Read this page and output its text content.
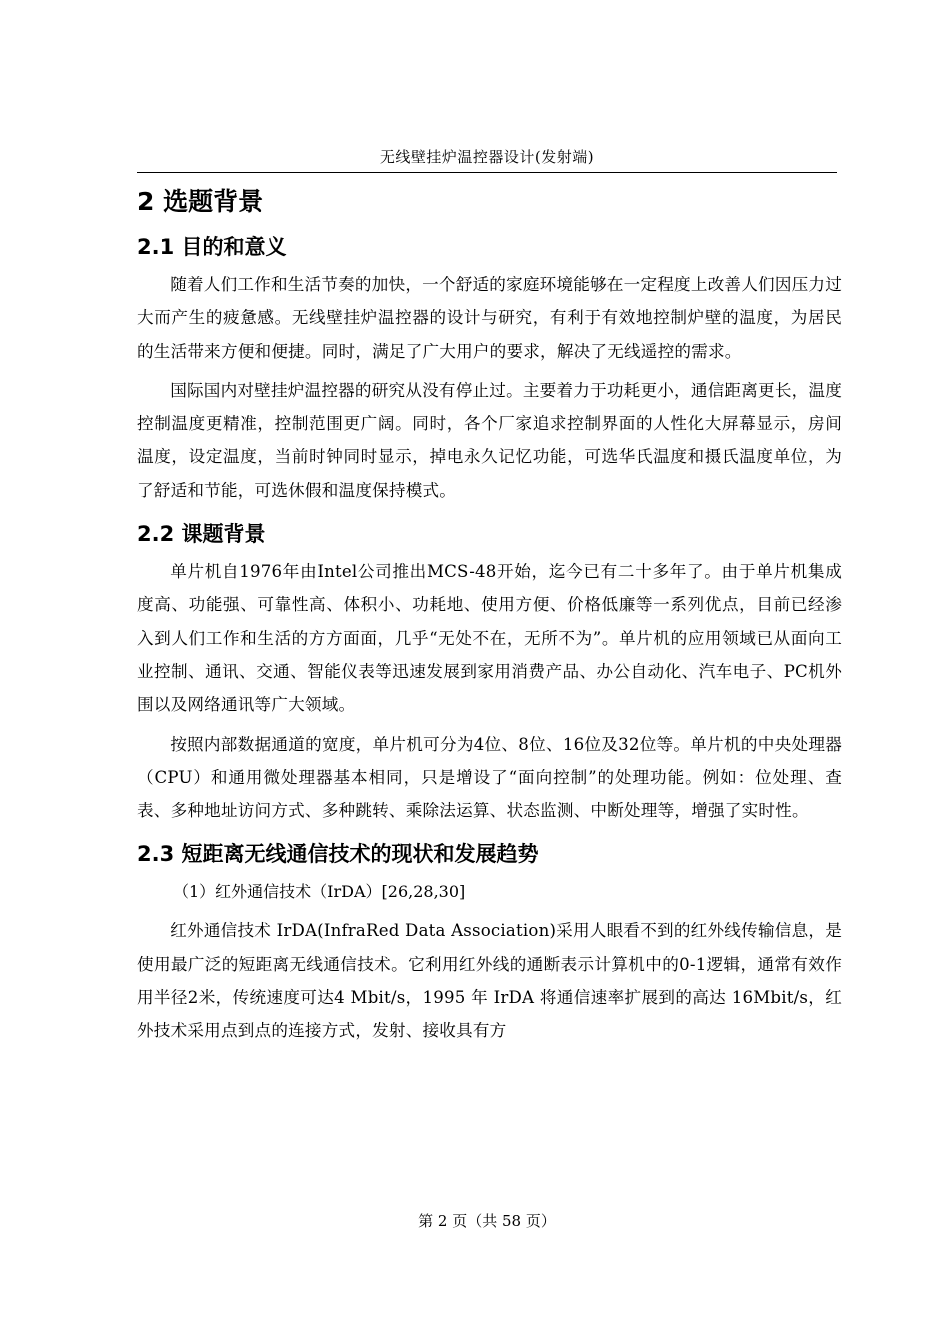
无线壁挂炉温控器设计(发射端)
2 选题背景
2.1 目的和意义

随着人们工作和生活节奏的加快，一个舒适的家庭环境能够在一定程度上改善人们因压力过大而产生的疲惫感。无线壁挂炉温控器的设计与研究，有利于有效地控制炉壁的温度，为居民的生活带来方便和便捷。同时，满足了广大用户的要求，解决了无线遥控的需求。

国际国内对壁挂炉温控器的研究从没有停止过。主要着力于功耗更小，通信距离更长，温度控制温度更精准，控制范围更广阔。同时，各个厂家追求控制界面的人性化大屏幕显示，房间温度，设定温度，当前时钟同时显示，掉电永久记忆功能，可选华氏温度和摄氏温度单位，为了舒适和节能，可选休假和温度保持模式。

2.2 课题背景

单片机自1976年由Intel公司推出MCS-48开始，迄今已有二十多年了。由于单片机集成度高、功能强、可靠性高、体积小、功耗地、使用方便、价格低廉等一系列优点，目前已经渗入到人们工作和生活的方方面面，几乎“无处不在，无所不为”。单片机的应用领域已从面向工业控制、通讯、交通、智能仪表等迅速发展到家用消费产品、办公自动化、汽车电子、PC机外围以及网络通讯等广大领域。

按照内部数据通道的宽度，单片机可分为4位、8位、16位及32位等。单片机的中央处理器（CPU）和通用微处理器基本相同，只是增设了“面向控制”的处理功能。例如：位处理、查表、多种地址访问方式、多种跳转、乘除法运算、状态监测、中断处理等，增强了实时性。

2.3 短距离无线通信技术的现状和发展趋势

（1）红外通信技术（IrDA）[26,28,30]

红外通信技术 IrDA(InfraRed Data Association)采用人眼看不到的红外线传输信息，是使用最广泛的短距离无线通信技术。它利用红外线的通断表示计算机中的0-1逻辑，通常有效作用半径2米，传统速度可达4 Mbit/s，1995 年 IrDA 将通信速率扩展到的高达 16Mbit/s，红外技术采用点到点的连接方式，发射、接收具有方

第 2 页（共 58 页）
